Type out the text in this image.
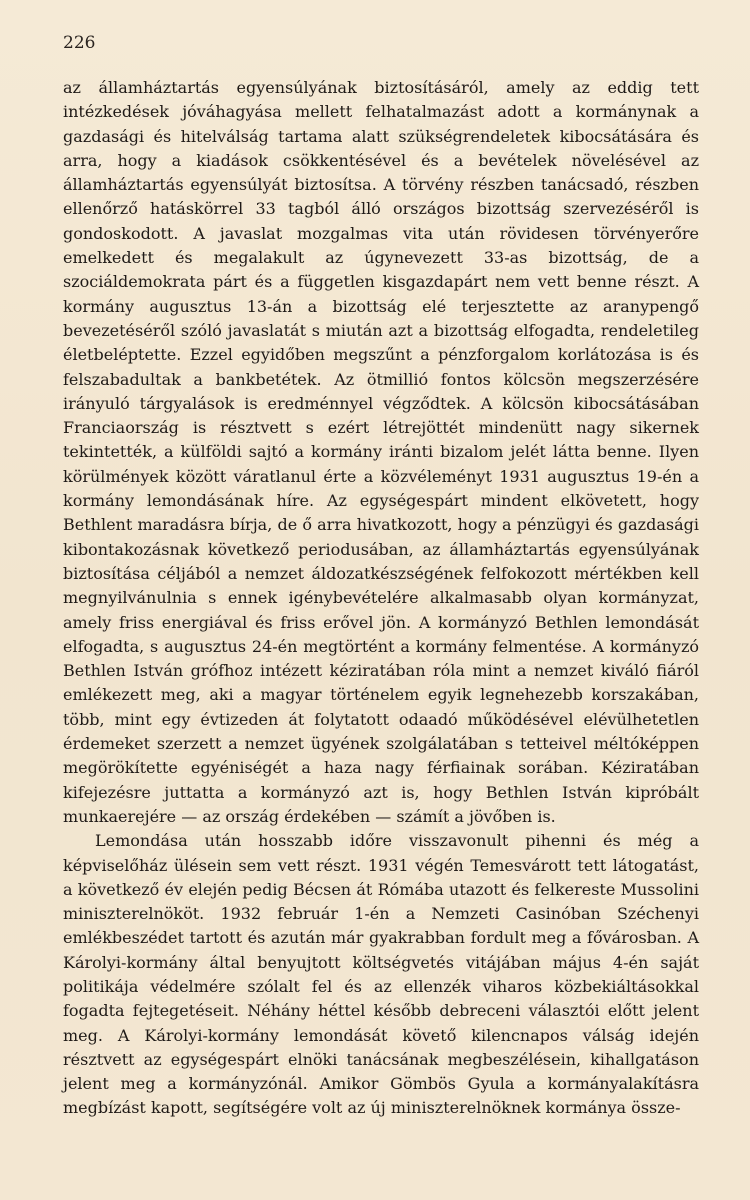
226

az államháztartás egyensúlyának biztosításáról, amely az eddig tett intézkedések jóváhagyása mellett felhatalmazást adott a kormánynak a gazdasági és hitelválság tartama alatt szükségrendeletek kibocsátására és arra, hogy a kiadások csökkentésével és a bevételek növelésével az államháztartás egyensúlyát biztosítsa. A törvény részben tanácsadó, részben ellenőrző hatáskörrel 33 tagból álló országos bizottság szervezéséről is gondoskodott. A javaslat mozgalmas vita után rövidesen törvényerőre emelkedett és megalakult az úgynevezett 33-as bizottság, de a szociáldemokrata párt és a független kisgazdapárt nem vett benne részt. A kormány augusztus 13-án a bizottság elé terjesztette az aranypengő bevezetéséről szóló javaslatát s miután azt a bizottság elfogadta, rendeletileg életbeléptette. Ezzel egyidőben megszűnt a pénzforgalom korlátozása is és felszabadultak a bankbetétek. Az ötmillió fontos kölcsön megszerzésére irányuló tárgyalások is eredménnyel végződtek. A kölcsön kibocsátásában Franciaország is résztvett s ezért létrejöttét mindenütt nagy sikernek tekintették, a külföldi sajtó a kormány iránti bizalom jelét látta benne. Ilyen körülmények között váratlanul érte a közvéleményt 1931 augusztus 19-én a kormány lemondásának híre. Az egységespárt mindent elkövetett, hogy Bethlent maradásra bírja, de ő arra hivatkozott, hogy a pénzügyi és gazdasági kibontakozásnak következő periodusában, az államháztartás egyensúlyának biztosítása céljából a nemzet áldozatkészségének felfokozott mértékben kell megnyilvánulnia s ennek igénybevételére alkalmasabb olyan kormányzat, amely friss energiával és friss erővel jön. A kormányzó Bethlen lemondását elfogadta, s augusztus 24-én megtörtént a kormány felmentése. A kormányzó Bethlen István grófhoz intézett kéziratában róla mint a nemzet kiváló fiáról emlékezett meg, aki a magyar történelem egyik legnehezebb korszakában, több, mint egy évtizeden át folytatott odaadó működésével elévülhetetlen érdemeket szerzett a nemzet ügyének szolgálatában s tetteivel méltóképpen megörökítette egyéniségét a haza nagy férfiainak sorában. Kéziratában kifejezésre juttatta a kormányzó azt is, hogy Bethlen István kipróbált munkaerejére — az ország érdekében — számít a jövőben is.

Lemondása után hosszabb időre visszavonult pihenni és még a képviselőház ülésein sem vett részt. 1931 végén Temesvárott tett látogatást, a következő év elején pedig Bécsen át Rómába utazott és felkereste Mussolini miniszterelnököt. 1932 február 1-én a Nemzeti Casinóban Széchenyi emlékbeszédet tartott és azután már gyakrabban fordult meg a fővárosban. A Károlyi-kormány által benyujtott költségvetés vitájában május 4-én saját politikája védelmére szólalt fel és az ellenzék viharos közbekiáltásokkal fogadta fejtegetéseit. Néhány héttel később debreceni választói előtt jelent meg. A Károlyi-kormány lemondását követő kilencnapos válság idején résztvett az egységespárt elnöki tanácsának megbeszélésein, kihallgatáson jelent meg a kormányzónál. Amikor Gömbös Gyula a kormányalakításra megbízást kapott, segítségére volt az új miniszterelnöknek kormánya össze-
